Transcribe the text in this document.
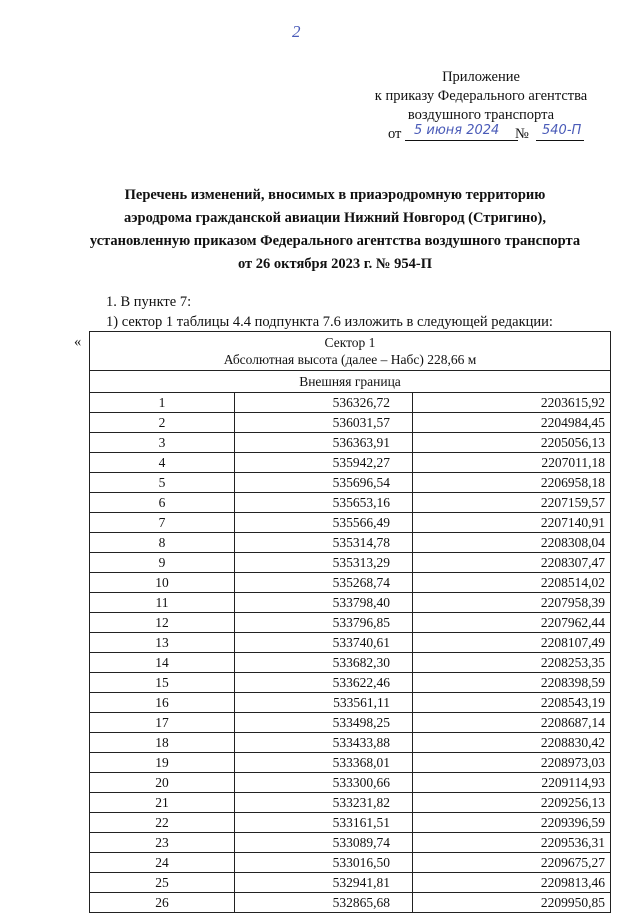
2
Приложение
к приказу Федерального агентства
воздушного транспорта
от 5 июня 2024 № 540-П
Перечень изменений, вносимых в приаэродромную территорию
аэродрома гражданской авиации Нижний Новгород (Стригино),
установленную приказом Федерального агентства воздушного транспорта
от 26 октября 2023 г. № 954-П
1. В пункте 7:
1) сектор 1 таблицы 4.4 подпункта 7.6 изложить в следующей редакции:
«	Сектор 1
Абсолютная высота (далее – Набс) 228,66 м		

Внешняя граница		
1	536326,72	2203615,92
2	536031,57	2204984,45
3	536363,91	2205056,13
4	535942,27	2207011,18
5	535696,54	2206958,18
6	535653,16	2207159,57
7	535566,49	2207140,91
8	535314,78	2208308,04
9	535313,29	2208307,47
10	535268,74	2208514,02
11	533798,40	2207958,39
12	533796,85	2207962,44
13	533740,61	2208107,49
14	533682,30	2208253,35
15	533622,46	2208398,59
16	533561,11	2208543,19
17	533498,25	2208687,14
18	533433,88	2208830,42
19	533368,01	2208973,03
20	533300,66	2209114,93
21	533231,82	2209256,13
22	533161,51	2209396,59
23	533089,74	2209536,31
24	533016,50	2209675,27
25	532941,81	2209813,46
26	532865,68	2209950,85
